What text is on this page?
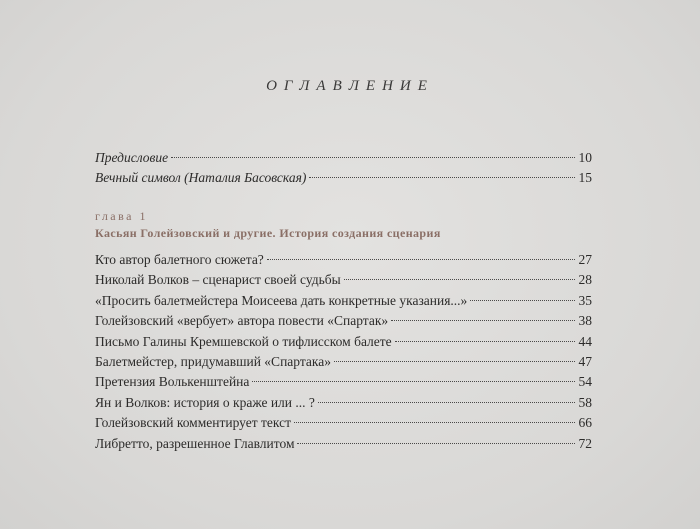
ОГЛАВЛЕНИЕ
Предисловие	10
Вечный символ (Наталия Басовская)	15
глава 1
Касьян Голейзовский и другие. История создания сценария
Кто автор балетного сюжета?	27
Николай Волков – сценарист своей судьбы	28
«Просить балетмейстера Моисеева дать конкретные указания...»	35
Голейзовский «вербует» автора повести «Спартак»	38
Письмо Галины Кремшевской о тифлисском балете	44
Балетмейстер, придумавший «Спартака»	47
Претензия Волькенштейна	54
Ян и Волков: история о краже или ... ?	58
Голейзовский комментирует текст	66
Либретто, разрешенное Главлитом	72
